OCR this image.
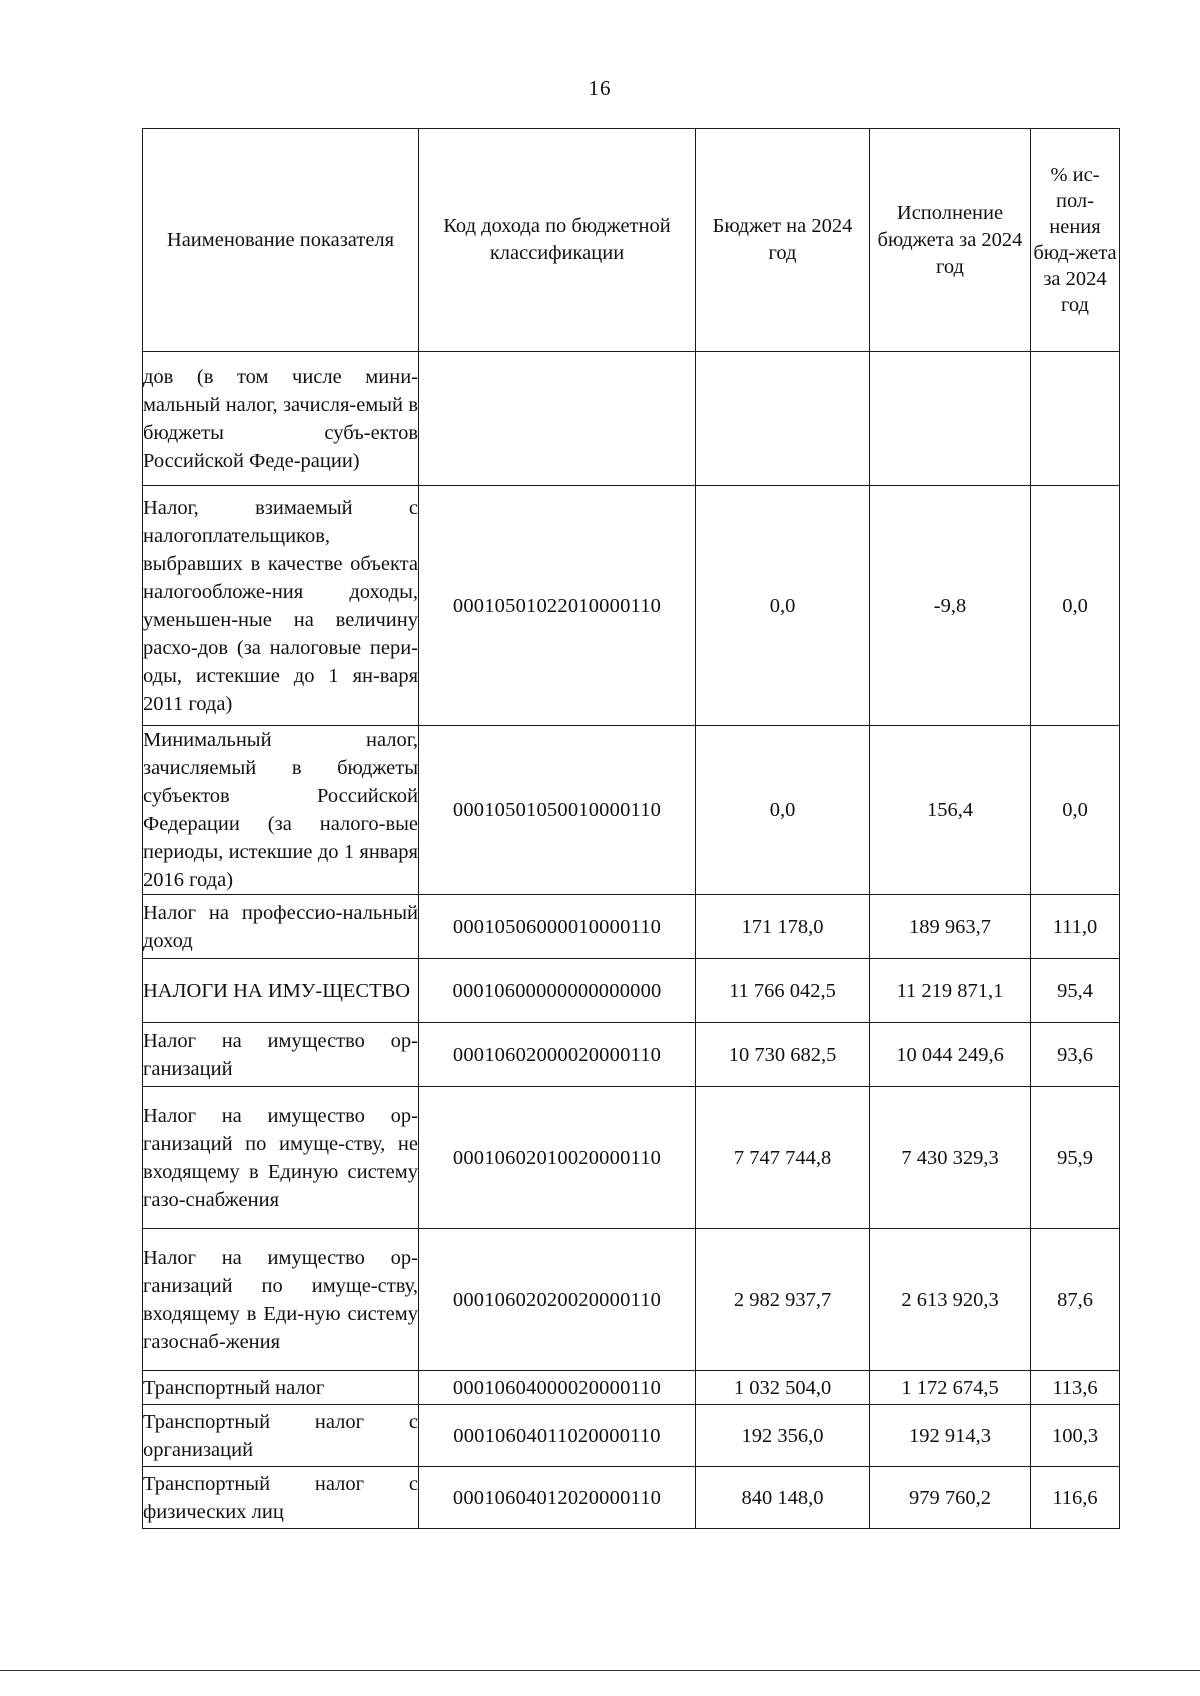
16
Наименование показателя	Код дохода по бюджетной классификации	Бюджет на 2024 год	Исполнение бюджета за 2024 год	% ис-пол-нения бюд-жета за 2024 год
дов (в том числе мини-мальный налог, зачисля-емый в бюджеты субъ-ектов Российской Феде-рации)				
Налог, взимаемый с налогоплательщиков, выбравших в качестве объекта налогообложе-ния доходы, уменьшен-ные на величину расхо-дов (за налоговые пери-оды, истекшие до 1 ян-варя 2011 года)	00010501022010000110	0,0	-9,8	0,0
Минимальный налог, зачисляемый в бюджеты субъектов Российской Федерации (за налого-вые периоды, истекшие до 1 января 2016 года)	00010501050010000110	0,0	156,4	0,0
Налог на профессио-нальный доход	00010506000010000110	171 178,0	189 963,7	111,0
НАЛОГИ НА ИМУ-ЩЕСТВО	00010600000000000000	11 766 042,5	11 219 871,1	95,4
Налог на имущество ор-ганизаций	00010602000020000110	10 730 682,5	10 044 249,6	93,6
Налог на имущество ор-ганизаций по имуще-ству, не входящему в Единую систему газо-снабжения	00010602010020000110	7 747 744,8	7 430 329,3	95,9
Налог на имущество ор-ганизаций по имуще-ству, входящему в Еди-ную систему газоснаб-жения	00010602020020000110	2 982 937,7	2 613 920,3	87,6
Транспортный налог	00010604000020000110	1 032 504,0	1 172 674,5	113,6
Транспортный налог с организаций	00010604011020000110	192 356,0	192 914,3	100,3
Транспортный налог с физических лиц	00010604012020000110	840 148,0	979 760,2	116,6
